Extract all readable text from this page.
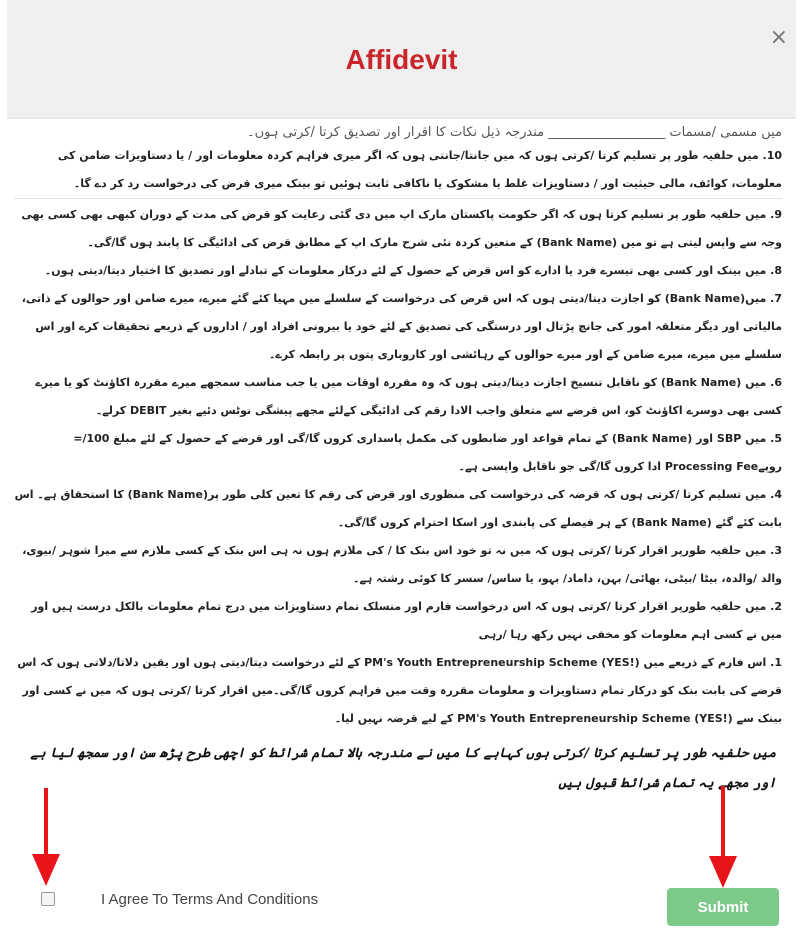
Affidevit
×

میں مسمی /مسمات __________________ مندرجہ ذیل نکات کا اقرار اور تصدیق کرتا /کرتی ہوں۔

10. میں حلفیہ طور پر تسلیم کرتا /کرتی ہوں کہ میں جانتا/جانتی ہوں کہ اگر میری فراہم کردہ معلومات اور / یا دستاویزات ضامن کی معلومات، کوائف، مالی حیثیت اور / دستاویزات غلط یا مشکوک یا ناکافی ثابت ہوئیں تو بینک میری قرض کی درخواست رد کر دے گا۔

9. میں حلفیہ طور پر تسلیم کرتا ہوں کہ اگر حکومت پاکستان مارک اپ میں دی گئی رعایت کو قرض کی مدت کے دوران کبھی بھی کسی بھی وجہ سے واپس لیتی ہے تو میں (Bank Name) کے متعین کردہ نئی شرح مارک اپ کے مطابق قرض کی ادائیگی کا پابند ہوں گا/گی۔

8. میں بینک اور کسی بھی تیسرے فرد یا ادارے کو اس قرض کے حصول کے لئے درکار معلومات کے تبادلے اور تصدیق کا اختیار دیتا/دیتی ہوں۔

7. میں(Bank Name) کو اجازت دیتا/دیتی ہوں کہ اس قرض کی درخواست کے سلسلے میں مہیا کئے گئے میرے، میرے ضامن اور حوالوں کے ذاتی، مالیاتی اور دیگر متعلقہ امور کی جانچ پڑتال اور درستگی کی تصدیق کے لئے خود یا بیرونی افراد اور / اداروں کے ذریعے تحقیقات کرے اور اس سلسلے میں میرے، میرے ضامن کے اور میرے حوالوں کے رہائشی اور کاروباری پتوں پر رابطہ کرے۔

6. میں (Bank Name) کو ناقابل تنسیخ اجازت دیتا/دیتی ہوں کہ وہ مقررہ اوقات میں یا جب مناسب سمجھے میرے مقررہ اکاؤنٹ کو یا میرے کسی بھی دوسرے اکاؤنٹ کو، اس قرضے سے متعلق واجب الادا رقم کی ادائیگی کےلئے مجھے پیشگی نوٹس دئیے بغیر DEBIT کرلے۔

5. میں SBP اور (Bank Name) کے تمام قواعد اور ضابطوں کی مکمل پاسداری کروں گا/گی اور قرضے کے حصول کے لئے مبلغ 100/= روپےProcessing Fee ادا کروں گا/گی جو ناقابل واپسی ہے۔

4. میں تسلیم کرتا /کرتی ہوں کہ قرضہ کی درخواست کی منظوری اور قرض کی رقم کا تعین کلی طور پر(Bank Name) کا استحقاق ہے۔ اس بابت کئے گئے (Bank Name) کے ہر فیصلے کی پابندی اور اسکا احترام کروں گا/گی۔

3. میں حلفیہ طورپر اقرار کرتا /کرتی ہوں کہ میں نہ تو خود اس بنک کا / کی ملازم ہوں نہ ہی اس بنک کے کسی ملازم سے میرا شوہر /بیوی، والد /والدہ، بیٹا /بیٹی، بھائی/ بہن، داماد/ بہو، یا ساس/ سسر کا کوئی رشتہ ہے۔

2. میں حلفیہ طورپر اقرار کرتا /کرتی ہوں کہ اس درخواست فارم اور منسلک تمام دستاویزات میں درج تمام معلومات بالکل درست ہیں اور میں نے کسی اہم معلومات کو مخفی نہیں رکھ رہا /رہی

1. اس فارم کے ذریعے میں PM's Youth Entrepreneurship Scheme (YES!) کے لئے درخواست دیتا/دیتی ہوں اور یقین دلاتا/دلاتی ہوں کہ اس قرضے کی بابت بنک کو درکار تمام دستاویزات و معلومات مقررہ وقت میں فراہم کروں گا/گی۔میں اقرار کرتا /کرتی ہوں کہ میں نے کسی اور بینک سے PM's Youth Entrepreneurship Scheme (YES!) کے لیے قرضہ نہیں لیا۔

میں حلفیہ طور پر تسلیم کرتا /کرتی ہوں کہاہے کا میں نے مندرجہ بالا تمام شرائط کو اچھی طرح پڑھ سن اور سمجھ لیا ہے اور مجھے یہ تمام شرائط قبول ہیں

I Agree To Terms And Conditions	Submit
